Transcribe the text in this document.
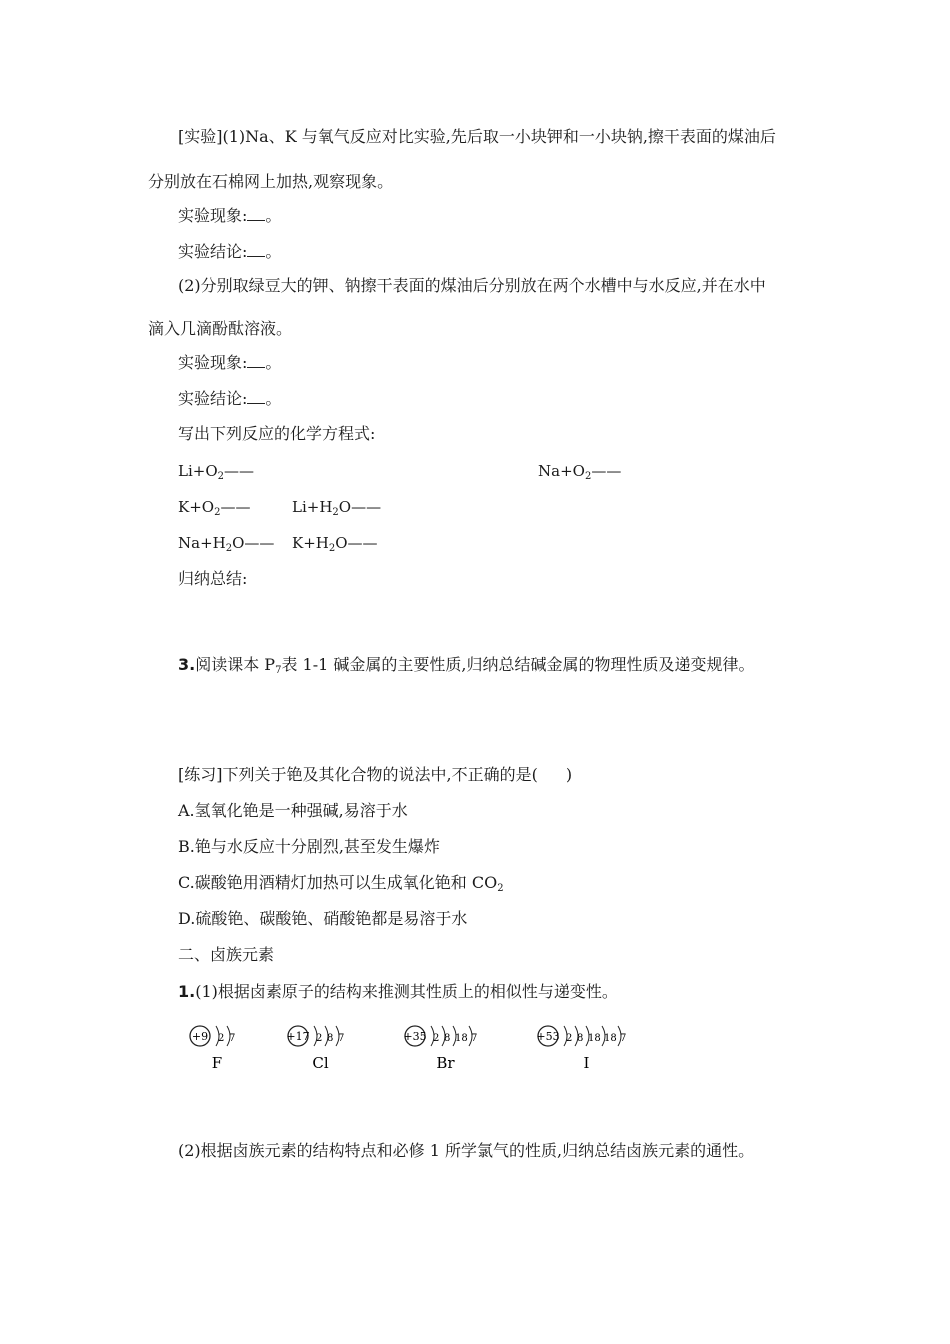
[实验](1)Na、K 与氧气反应对比实验,先后取一小块钾和一小块钠,擦干表面的煤油后
分别放在石棉网上加热,观察现象。
实验现象: 。
实验结论: 。
(2)分别取绿豆大的钾、钠擦干表面的煤油后分别放在两个水槽中与水反应,并在水中
滴入几滴酚酞溶液。
实验现象: 。
实验结论: 。
写出下列反应的化学方程式:
$Li+O_2——$	$Na+O_2——$
$K+O_2——$	$Li+H_2O——$
$Na+H_2O——$ $K+H_2O——$
归纳总结:
3.阅读课本 $P_7$表 1-1 碱金属的主要性质,归纳总结碱金属的物理性质及递变规律。
[练习]下列关于铯及其化合物的说法中,不正确的是( )
A.氢氧化铯是一种强碱,易溶于水
B.铯与水反应十分剧烈,甚至发生爆炸
C.碳酸铯用酒精灯加热可以生成氧化铯和 $CO_2$
D.硫酸铯、碳酸铯、硝酸铯都是易溶于水
二、卤族元素
1.(1)根据卤素原子的结构来推测其性质上的相似性与递变性。
+9 2 7
F
+17 2 8 7
Cl
+35 2 8 18 7
Br
+53 2 8 18 18 7
I
(2)根据卤族元素的结构特点和必修 1 所学氯气的性质,归纳总结卤族元素的通性。
